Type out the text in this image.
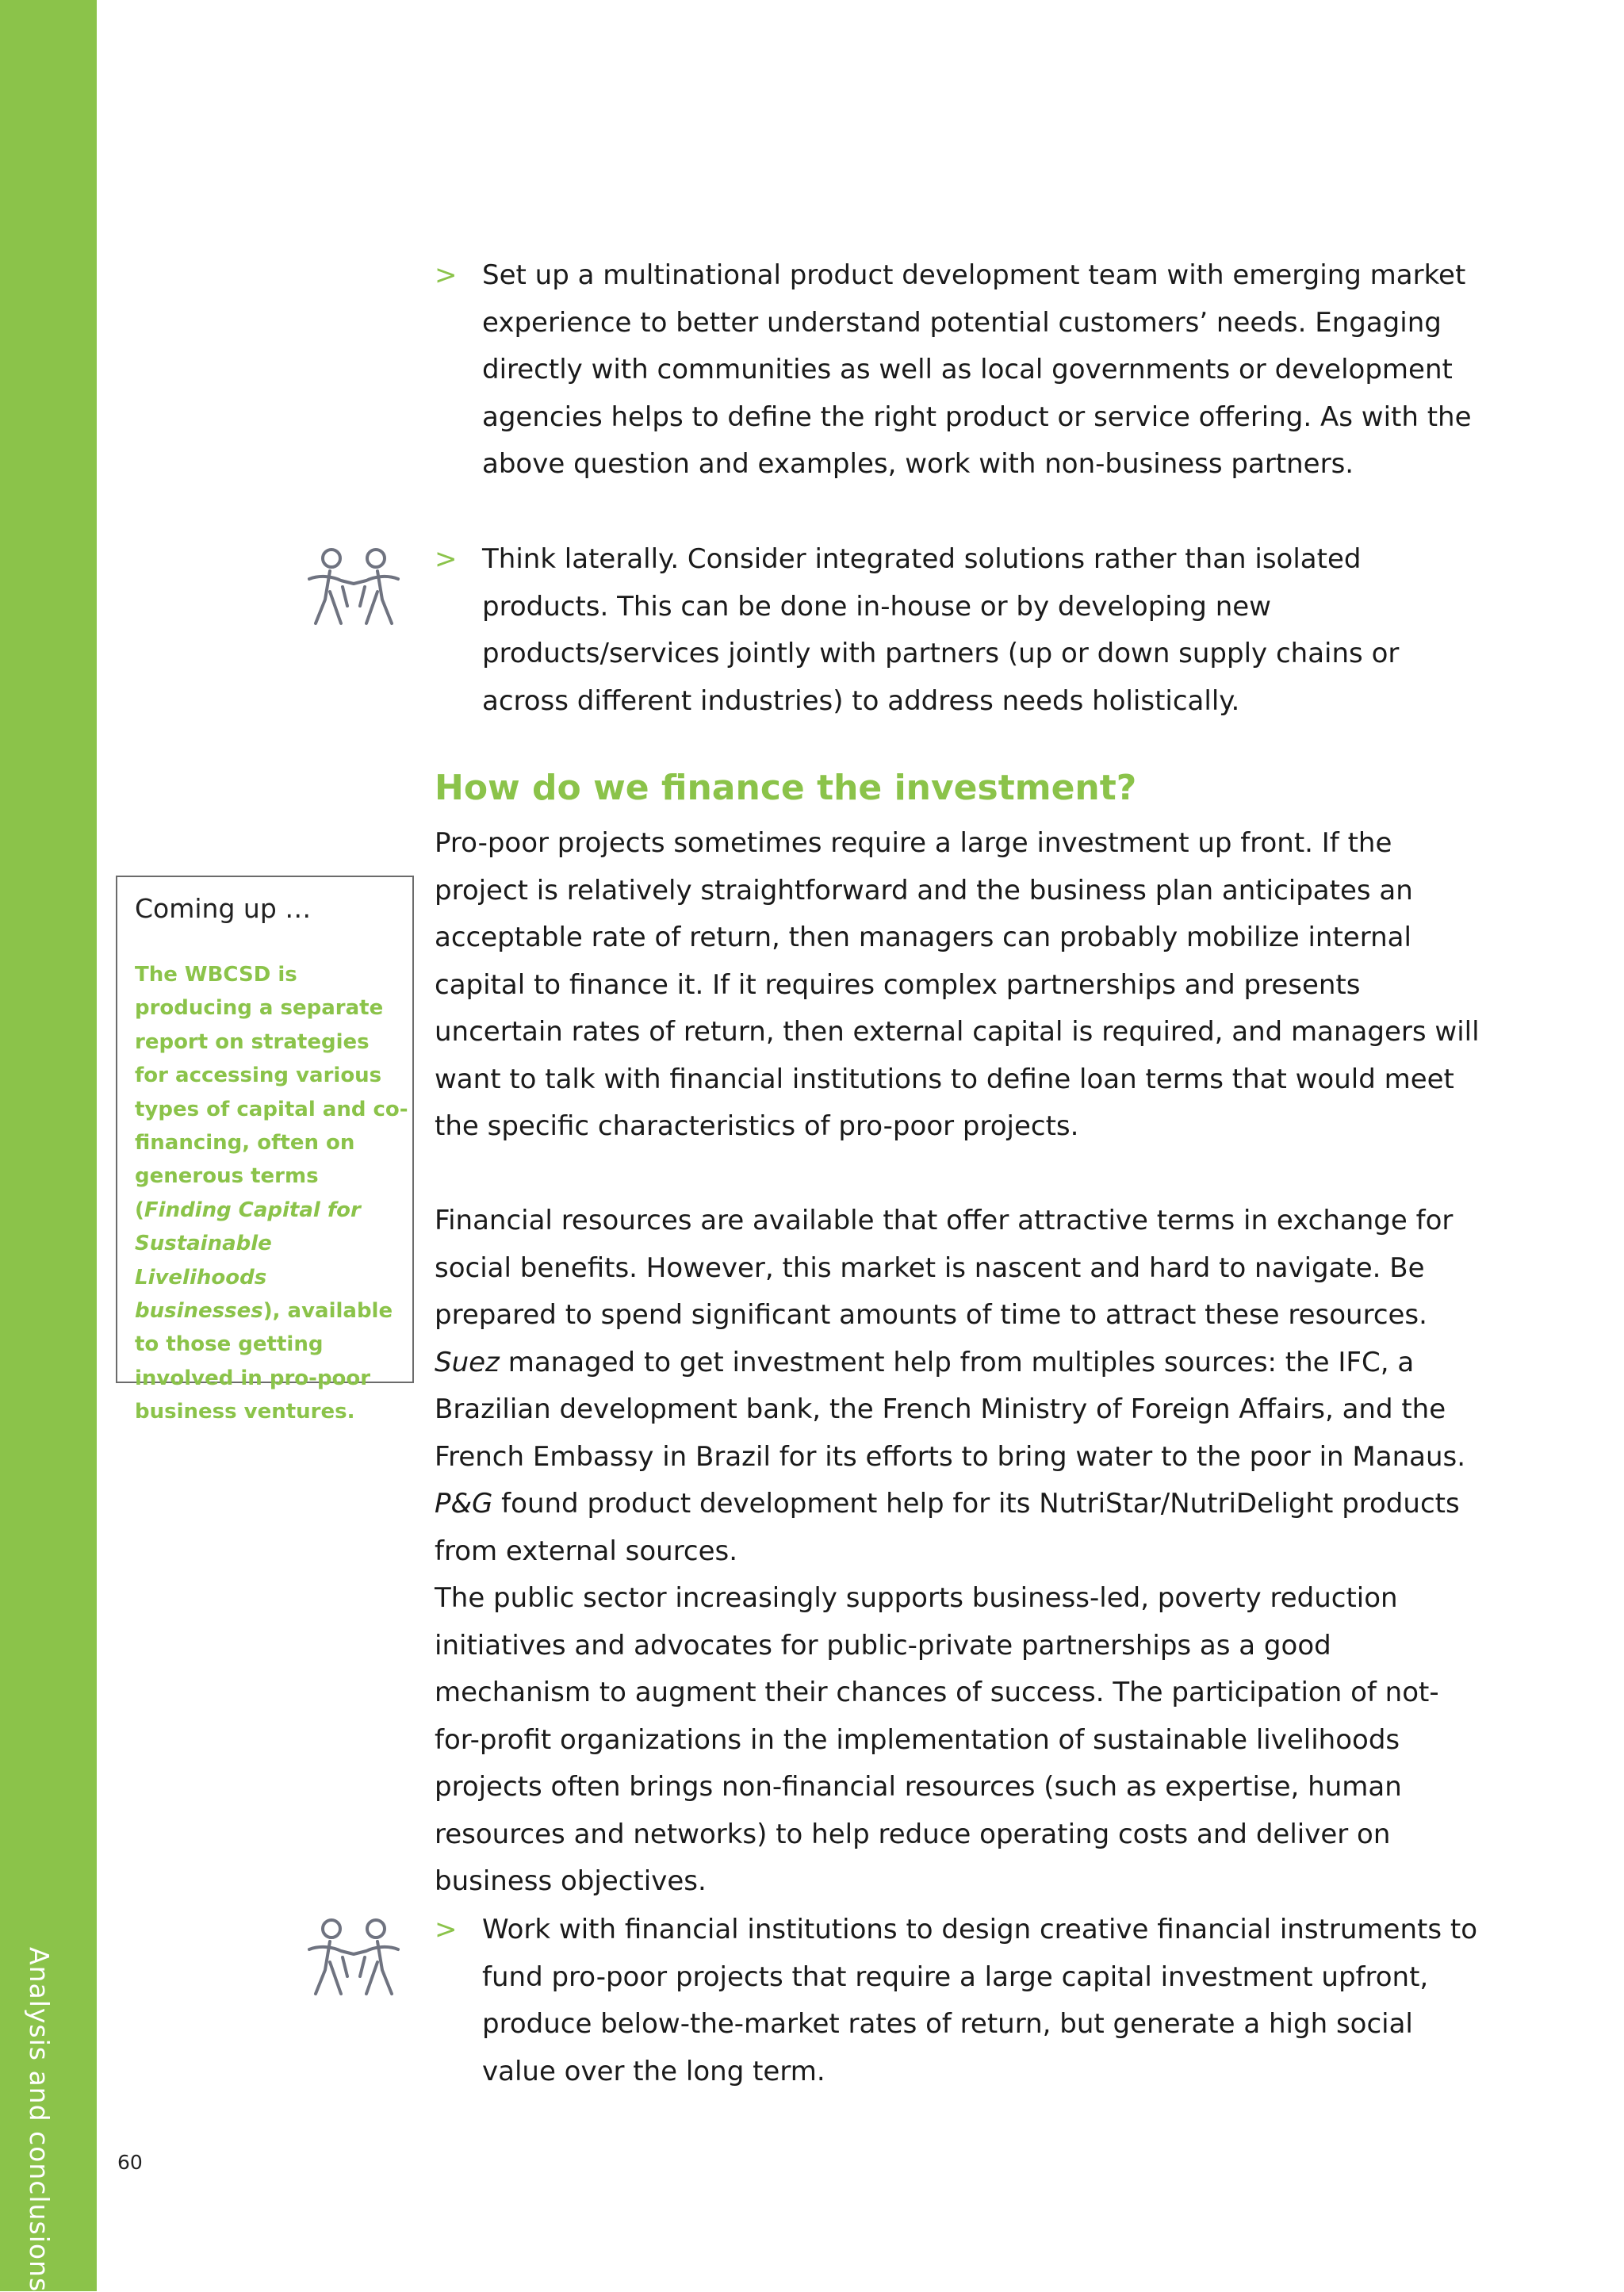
Analysis and conclusions	60
> Set up a multinational product development team with emerging market experience to better understand potential customers’ needs. Engaging directly with communities as well as local governments or development agencies helps to define the right product or service offering. As with the above question and examples, work with non-business partners.
> Think laterally. Consider integrated solutions rather than isolated products. This can be done in-house or by developing new products/services jointly with partners (up or down supply chains or across different industries) to address needs holistically.
How do we finance the investment?
Pro-poor projects sometimes require a large investment up front. If the project is relatively straightforward and the business plan anticipates an acceptable rate of return, then managers can probably mobilize internal capital to finance it. If it requires complex partnerships and presents uncertain rates of return, then external capital is required, and managers will want to talk with financial institutions to define loan terms that would meet the specific characteristics of pro-poor projects.
Financial resources are available that offer attractive terms in exchange for social benefits. However, this market is nascent and hard to navigate. Be prepared to spend significant amounts of time to attract these resources. Suez managed to get investment help from multiples sources: the IFC, a Brazilian development bank, the French Ministry of Foreign Affairs, and the French Embassy in Brazil for its efforts to bring water to the poor in Manaus. P&G found product development help for its NutriStar/NutriDelight products from external sources.
The public sector increasingly supports business-led, poverty reduction initiatives and advocates for public-private partnerships as a good mechanism to augment their chances of success. The participation of not-for-profit organizations in the implementation of sustainable livelihoods projects often brings non-financial resources (such as expertise, human resources and networks) to help reduce operating costs and deliver on business objectives.
> Work with financial institutions to design creative financial instruments to fund pro-poor projects that require a large capital investment upfront, produce below-the-market rates of return, but generate a high social value over the long term.
Coming up …
The WBCSD is producing a separate report on strategies for accessing various types of capital and co-financing, often on generous terms (Finding Capital for Sustainable Livelihoods businesses), available to those getting involved in pro-poor business ventures.
